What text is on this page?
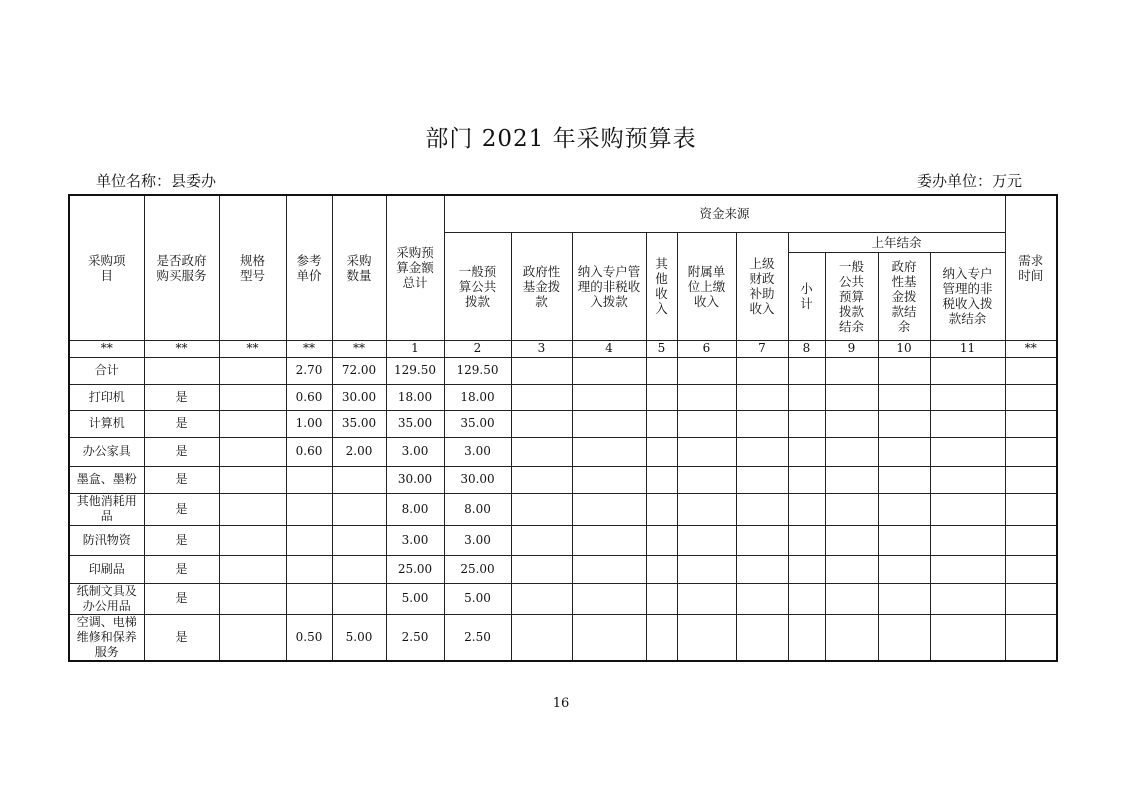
部门 2021 年采购预算表
单位名称：县委办	委办单位：万元
采购项目	是否政府购买服务	规格型号	参考单价	采购数量	采购预算金额总计	资金来源										需求时间
						一般预算公共拨款	政府性基金拨款	纳入专户管理的非税收入拨款	其他收入	附属单位上缴收入	上级财政补助收入	上年结余				
												小计	一般公共预算拨款结余	政府性基金拨款结余	纳入专户管理的非税收入拨款结余	
**	**	**	**	**	1	2	3	4	5	6	7	8	9	10	11	**
合计			2.70	72.00	129.50	129.50										
打印机	是		0.60	30.00	18.00	18.00										
计算机	是		1.00	35.00	35.00	35.00										
办公家具	是		0.60	2.00	3.00	3.00										
墨盒、墨粉	是				30.00	30.00										
其他消耗用品	是				8.00	8.00										
防汛物资	是				3.00	3.00										
印刷品	是				25.00	25.00										
纸制文具及办公用品	是				5.00	5.00										
空调、电梯维修和保养服务	是		0.50	5.00	2.50	2.50										
16
